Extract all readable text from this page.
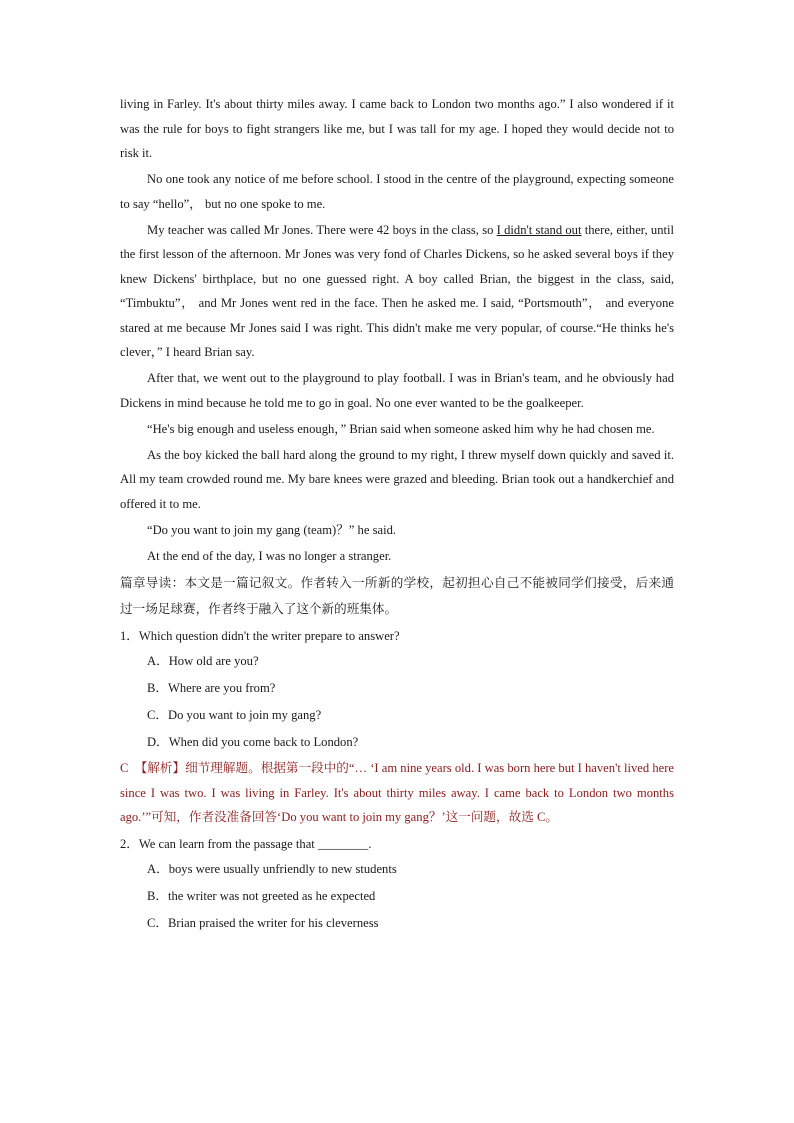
living in Farley. It's about thirty miles away. I came back to London two months ago.” I also wondered if it was the rule for boys to fight strangers like me, but I was tall for my age. I hoped they would decide not to risk it.

No one took any notice of me before school. I stood in the centre of the playground, expecting someone to say “hello”， but no one spoke to me.

My teacher was called Mr Jones. There were 42 boys in the class, so I didn't stand out there, either, until the first lesson of the afternoon. Mr Jones was very fond of Charles Dickens, so he asked several boys if they knew Dickens' birthplace, but no one guessed right. A boy called Brian, the biggest in the class, said, “Timbuktu”， and Mr Jones went red in the face. Then he asked me. I said, “Portsmouth”， and everyone stared at me because Mr Jones said I was right. This didn't make me very popular, of course.“He thinks he's clever，” I heard Brian say.

After that, we went out to the playground to play football. I was in Brian's team, and he obviously had Dickens in mind because he told me to go in goal. No one ever wanted to be the goalkeeper.

“He's big enough and useless enough，” Brian said when someone asked him why he had chosen me.

As the boy kicked the ball hard along the ground to my right, I threw myself down quickly and saved it. All my team crowded round me. My bare knees were grazed and bleeding. Brian took out a handkerchief and offered it to me.

“Do you want to join my gang (team)？” he said.

At the end of the day, I was no longer a stranger.

篇章导读：本文是一篇记叙文。作者转入一所新的学校，起初担心自己不能被同学们接受，后来通过一场足球赛，作者终于融入了这个新的班集体。

1．Which question didn't the writer prepare to answer?

A．How old are you?

B．Where are you from?

C．Do you want to join my gang?

D．When did you come back to London?

C　【解析】细节理解题。根据第一段中的“… ‘I am nine years old. I was born here but I haven't lived here since I was two. I was living in Farley. It's about thirty miles away. I came back to London two months ago.’”可知，作者没准备回答‘Do you want to join my gang？’这一问题，故选 C。

2．We can learn from the passage that ________.

A．boys were usually unfriendly to new students

B．the writer was not greeted as he expected

C．Brian praised the writer for his cleverness
